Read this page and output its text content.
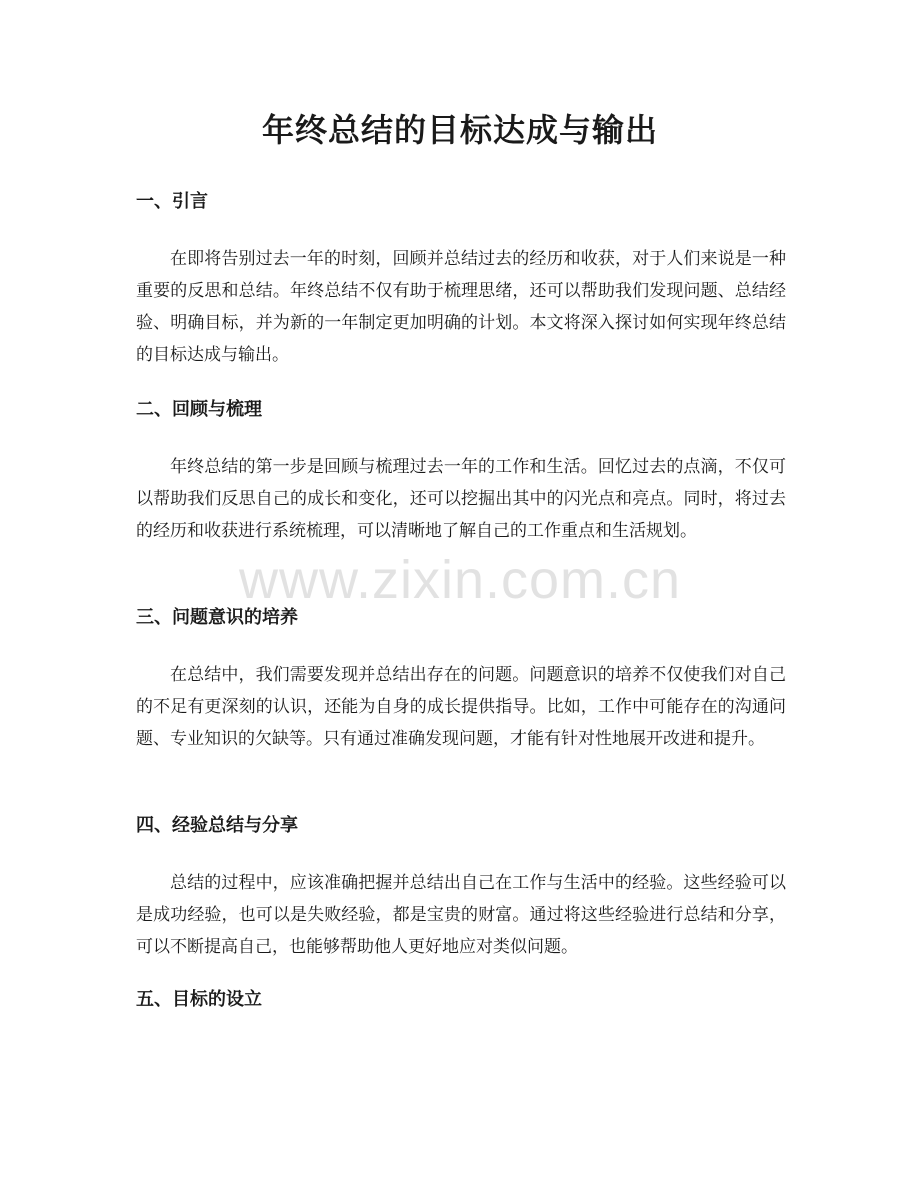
年终总结的目标达成与输出
一、引言

在即将告别过去一年的时刻，回顾并总结过去的经历和收获，对于人们来说是一种重要的反思和总结。年终总结不仅有助于梳理思绪，还可以帮助我们发现问题、总结经验、明确目标，并为新的一年制定更加明确的计划。本文将深入探讨如何实现年终总结的目标达成与输出。

二、回顾与梳理

年终总结的第一步是回顾与梳理过去一年的工作和生活。回忆过去的点滴，不仅可以帮助我们反思自己的成长和变化，还可以挖掘出其中的闪光点和亮点。同时，将过去的经历和收获进行系统梳理，可以清晰地了解自己的工作重点和生活规划。

三、问题意识的培养

在总结中，我们需要发现并总结出存在的问题。问题意识的培养不仅使我们对自己的不足有更深刻的认识，还能为自身的成长提供指导。比如，工作中可能存在的沟通问题、专业知识的欠缺等。只有通过准确发现问题，才能有针对性地展开改进和提升。

四、经验总结与分享

总结的过程中，应该准确把握并总结出自己在工作与生活中的经验。这些经验可以是成功经验，也可以是失败经验，都是宝贵的财富。通过将这些经验进行总结和分享，可以不断提高自己，也能够帮助他人更好地应对类似问题。

五、目标的设立
www.zixin.com.cn
